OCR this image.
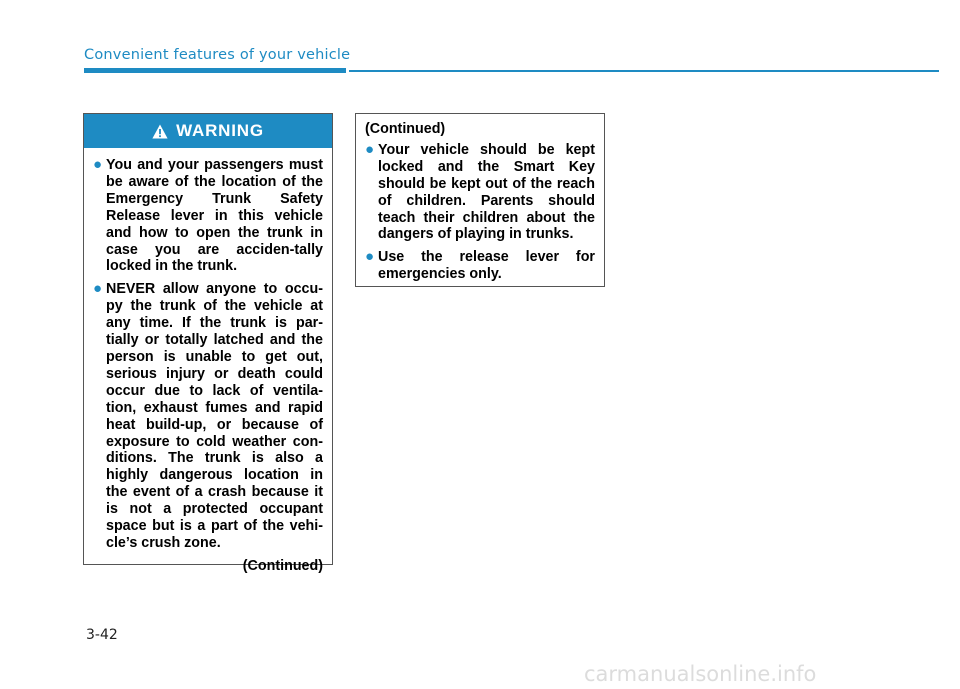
Convenient features of your vehicle
WARNING
● You and your passengers must be aware of the location of the Emergency Trunk Safety Release lever in this vehicle and how to open the trunk in case you are acciden-tally locked in the trunk.
● NEVER allow anyone to occu-py the trunk of the vehicle at any time. If the trunk is par-tially or totally latched and the person is unable to get out, serious injury or death could occur due to lack of ventila-tion, exhaust fumes and rapid heat build-up, or because of exposure to cold weather con-ditions. The trunk is also a highly dangerous location in the event of a crash because it is not a protected occupant space but is a part of the vehi-cle’s crush zone.
(Continued)
(Continued)
● Your vehicle should be kept locked and the Smart Key should be kept out of the reach of children. Parents should teach their children about the dangers of playing in trunks.
● Use the release lever for emergencies only.
3-42
carmanualsonline.info
